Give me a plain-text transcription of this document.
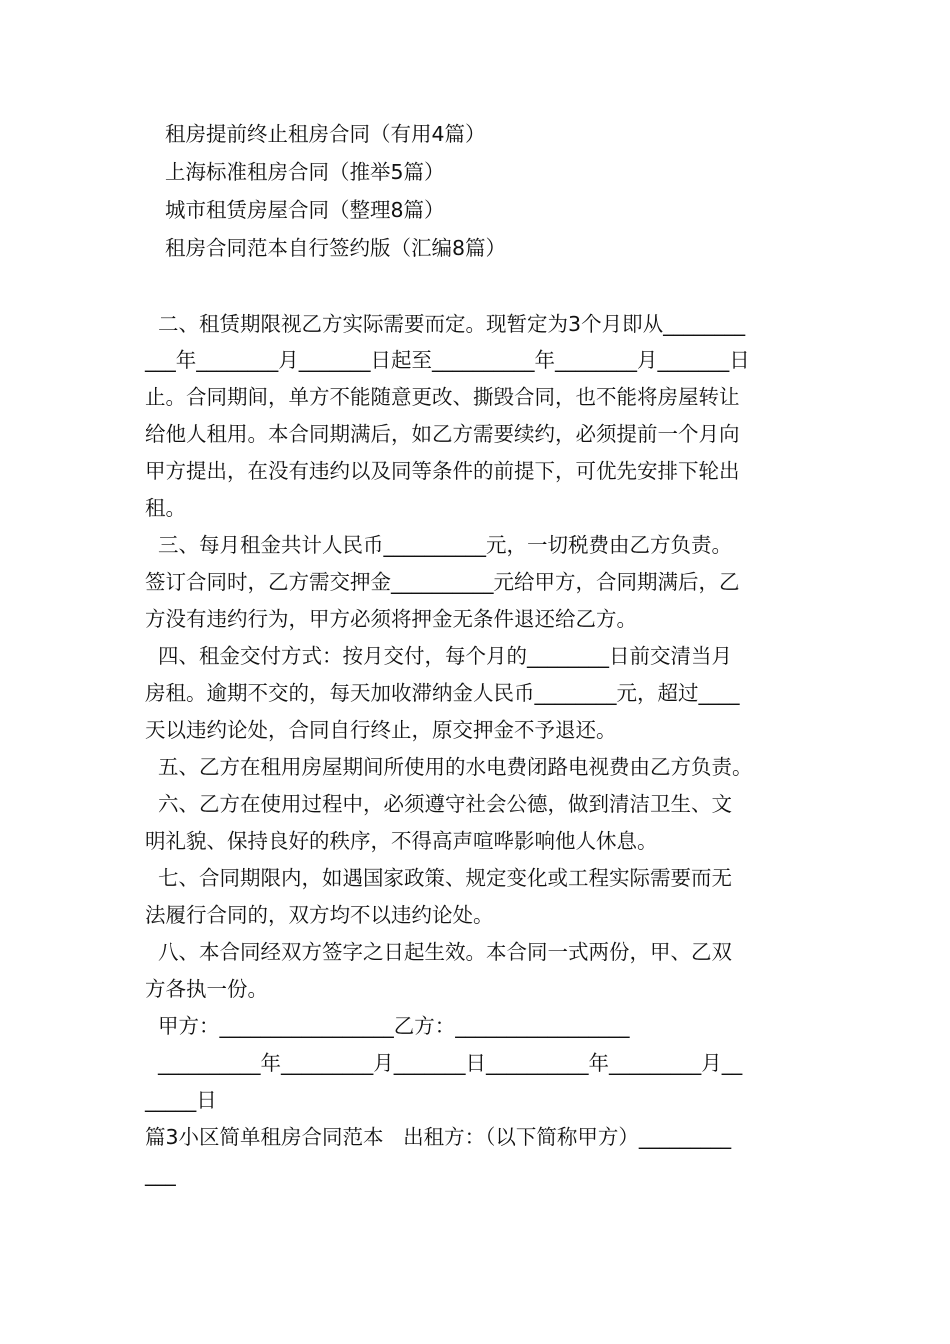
租房提前终止租房合同（有用4篇）
上海标准租房合同（推举5篇）
城市租赁房屋合同（整理8篇）
租房合同范本自行签约版（汇编8篇）
二、租赁期限视乙方实际需要而定。现暂定为3个月即从________
___年________月_______日起至__________年________月_______日
止。合同期间，单方不能随意更改、撕毁合同，也不能将房屋转让
给他人租用。本合同期满后，如乙方需要续约，必须提前一个月向
甲方提出，在没有违约以及同等条件的前提下，可优先安排下轮出
租。
三、每月租金共计人民币__________元，一切税费由乙方负责。
签订合同时，乙方需交押金__________元给甲方，合同期满后，乙
方没有违约行为，甲方必须将押金无条件退还给乙方。
四、租金交付方式：按月交付，每个月的________日前交清当月
房租。逾期不交的，每天加收滞纳金人民币________元，超过____
天以违约论处，合同自行终止，原交押金不予退还。
五、乙方在租用房屋期间所使用的水电费闭路电视费由乙方负责。
六、乙方在使用过程中，必须遵守社会公德，做到清洁卫生、文
明礼貌、保持良好的秩序，不得高声喧哗影响他人休息。
七、合同期限内，如遇国家政策、规定变化或工程实际需要而无
法履行合同的，双方均不以违约论处。
八、本合同经双方签字之日起生效。本合同一式两份，甲、乙双
方各执一份。
甲方：_________________乙方：_________________
__________年_________月_______日__________年_________月__
_____日
篇3小区简单租房合同范本   出租方：（以下简称甲方）_________
___
